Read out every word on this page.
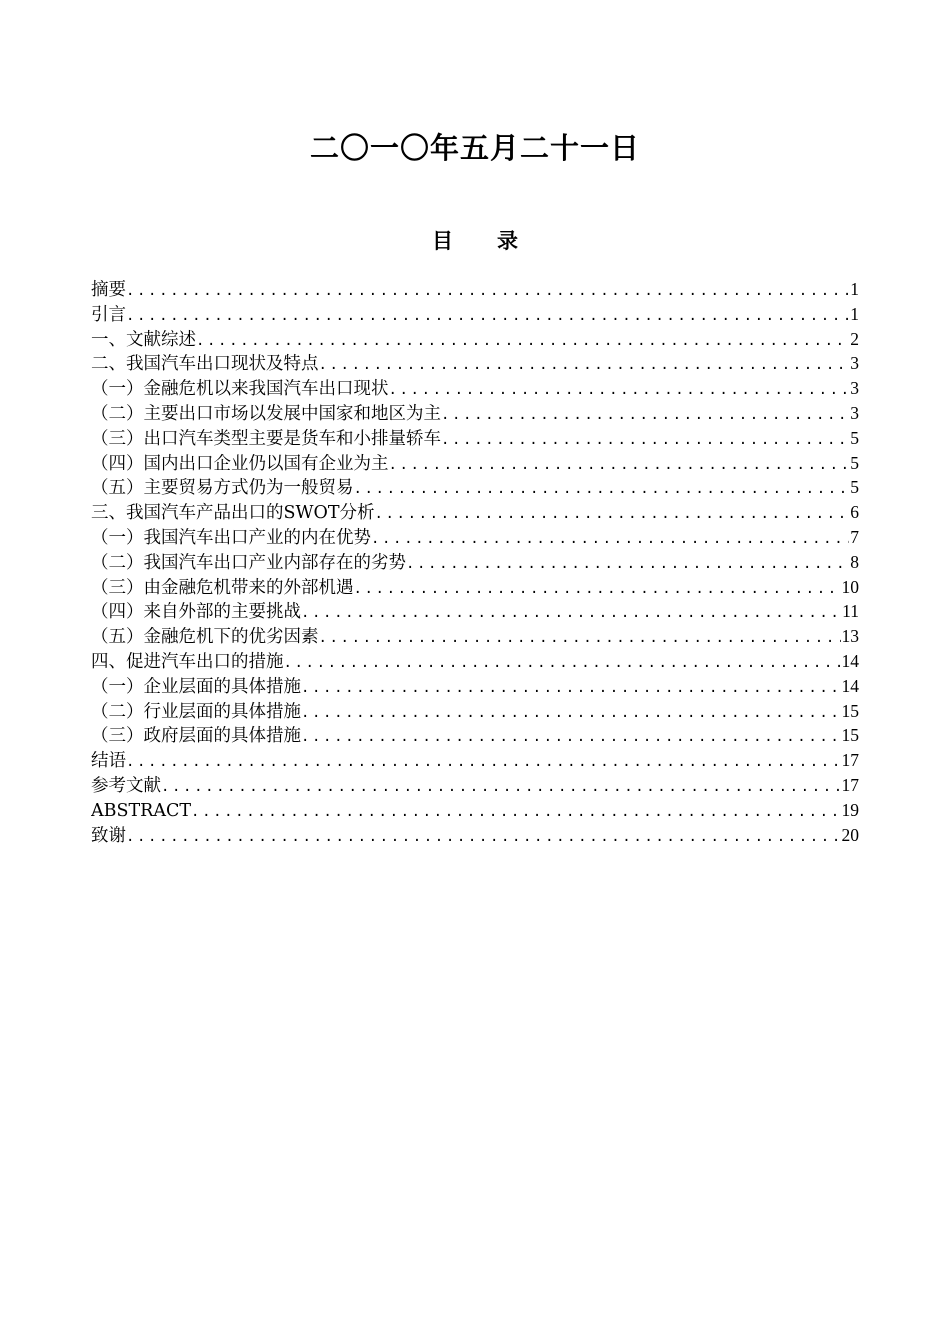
二〇一〇年五月二十一日
目 录
摘要 .....	1
引言 .....	1
一、文献综述 .....	2
二、我国汽车出口现状及特点 .....	3
（一）金融危机以来我国汽车出口现状 .....	3
（二）主要出口市场以发展中国家和地区为主 .....	3
（三）出口汽车类型主要是货车和小排量轿车 .....	5
（四）国内出口企业仍以国有企业为主 .....	5
（五）主要贸易方式仍为一般贸易 .....	5
三、我国汽车产品出口的SWOT分析 .....	6
（一）我国汽车出口产业的内在优势 .....	7
（二）我国汽车出口产业内部存在的劣势 .....	8
（三）由金融危机带来的外部机遇 .....	10
（四）来自外部的主要挑战 .....	11
（五）金融危机下的优劣因素 .....	13
四、促进汽车出口的措施 .....	14
（一）企业层面的具体措施 .....	14
（二）行业层面的具体措施 .....	15
（三）政府层面的具体措施 .....	15
结语 .....	17
参考文献 .....	17
ABSTRACT .....	19
致谢 .....	20
